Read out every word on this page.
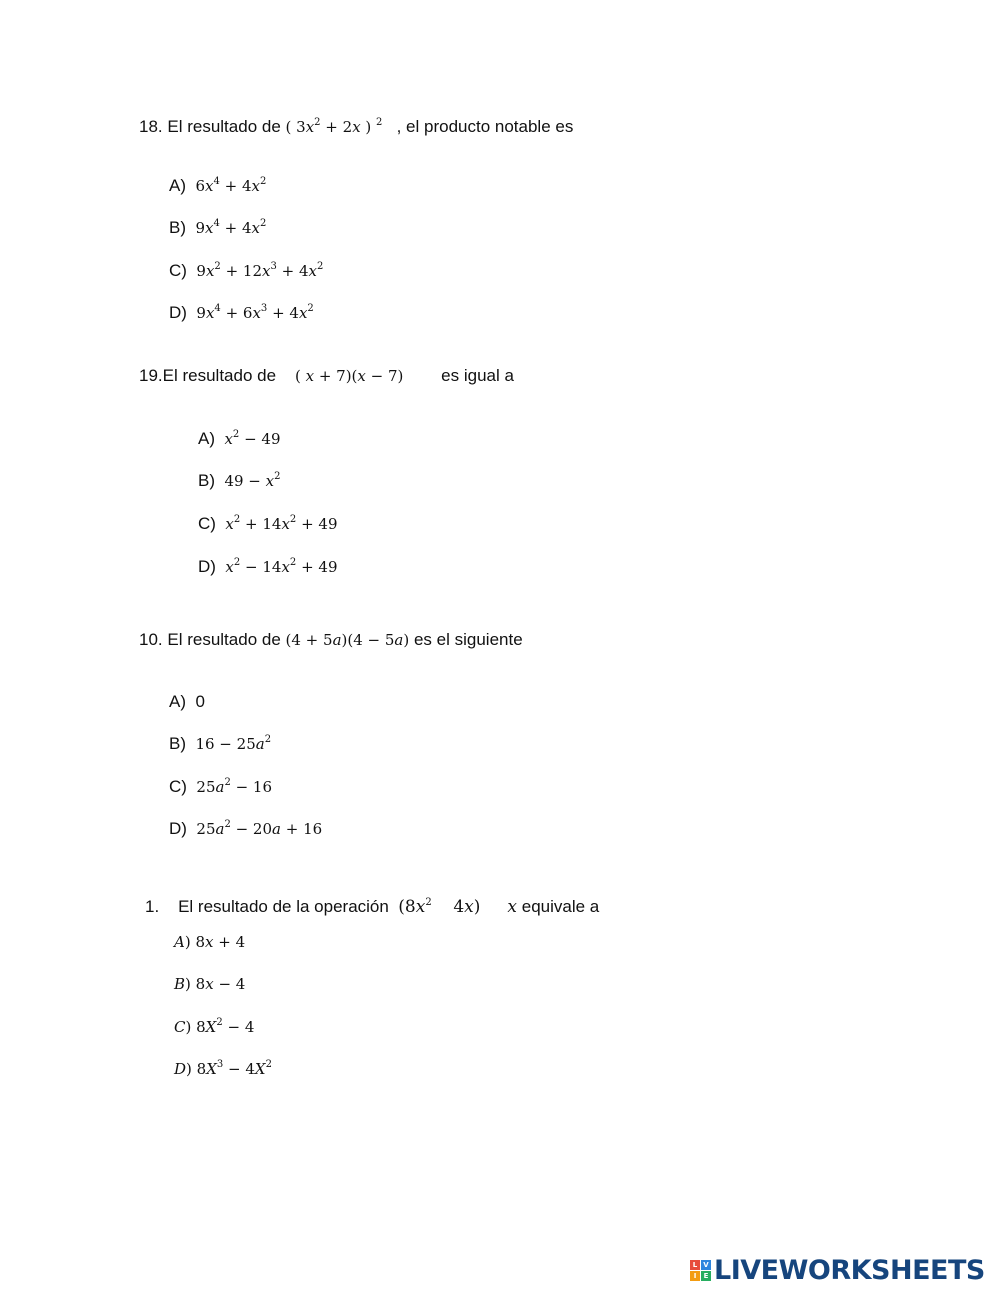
18. El resultado de ( $3x^2 + 2x$ ) $^2$ , el producto notable es
A) $6x^4 + 4x^2$
B) $9x^4 + 4x^2$
C) $9x^2 + 12x^3 + 4x^2$
D) $9x^4 + 6x^3 + 4x^2$
19.El resultado de ( x + 7)(x − 7) es igual a
A) $x^2 - 49$
B) $49 - x^2$
C) $x^2 + 14x^2 + 49$
D) $x^2 - 14x^2 + 49$
10. El resultado de (4 + 5a)(4 − 5a) es el siguiente
A) 0
B) $16 - 25a^2$
C) $25a^2 - 16$
D) $25a^2 - 20a + 16$
1. El resultado de la operación ($8x^2$    4x)     x equivale a
A) 8x + 4
B) 8x − 4
C) $8X^2 - 4$
D) $8X^3 - 4X^2$
L V
I	E LIVEWORKSHEETS
